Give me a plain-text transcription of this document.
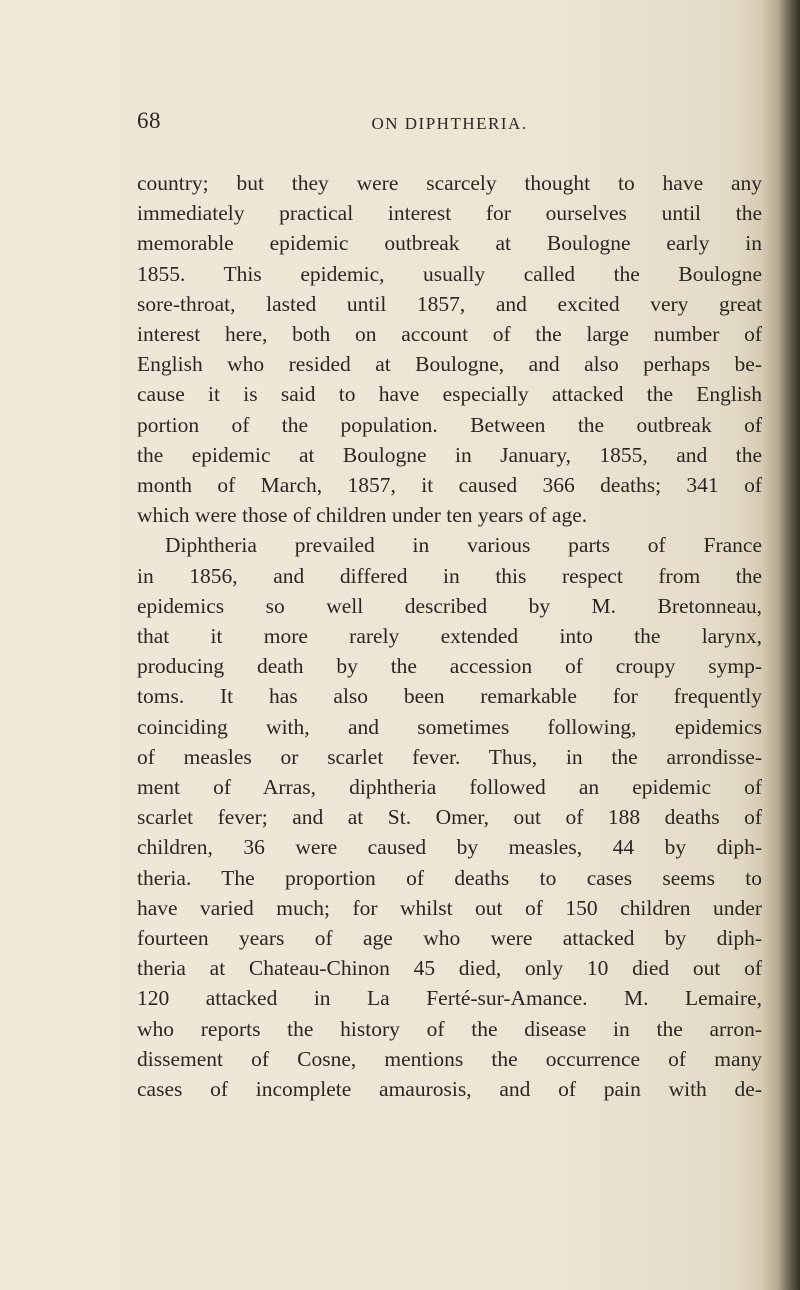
68	ON DIPHTHERIA.

country; but they were scarcely thought to have any
immediately practical interest for ourselves until the
memorable epidemic outbreak at Boulogne early in
1855. This epidemic, usually called the Boulogne
sore-throat, lasted until 1857, and excited very great
interest here, both on account of the large number of
English who resided at Boulogne, and also perhaps be-
cause it is said to have especially attacked the English
portion of the population. Between the outbreak of
the epidemic at Boulogne in January, 1855, and the
month of March, 1857, it caused 366 deaths; 341 of
which were those of children under ten years of age.
Diphtheria prevailed in various parts of France
in 1856, and differed in this respect from the
epidemics so well described by M. Bretonneau,
that it more rarely extended into the larynx,
producing death by the accession of croupy symp-
toms. It has also been remarkable for frequently
coinciding with, and sometimes following, epidemics
of measles or scarlet fever. Thus, in the arrondisse-
ment of Arras, diphtheria followed an epidemic of
scarlet fever; and at St. Omer, out of 188 deaths of
children, 36 were caused by measles, 44 by diph-
theria. The proportion of deaths to cases seems to
have varied much; for whilst out of 150 children under
fourteen years of age who were attacked by diph-
theria at Chateau-Chinon 45 died, only 10 died out of
120 attacked in La Ferté-sur-Amance. M. Lemaire,
who reports the history of the disease in the arron-
dissement of Cosne, mentions the occurrence of many
cases of incomplete amaurosis, and of pain with de-
